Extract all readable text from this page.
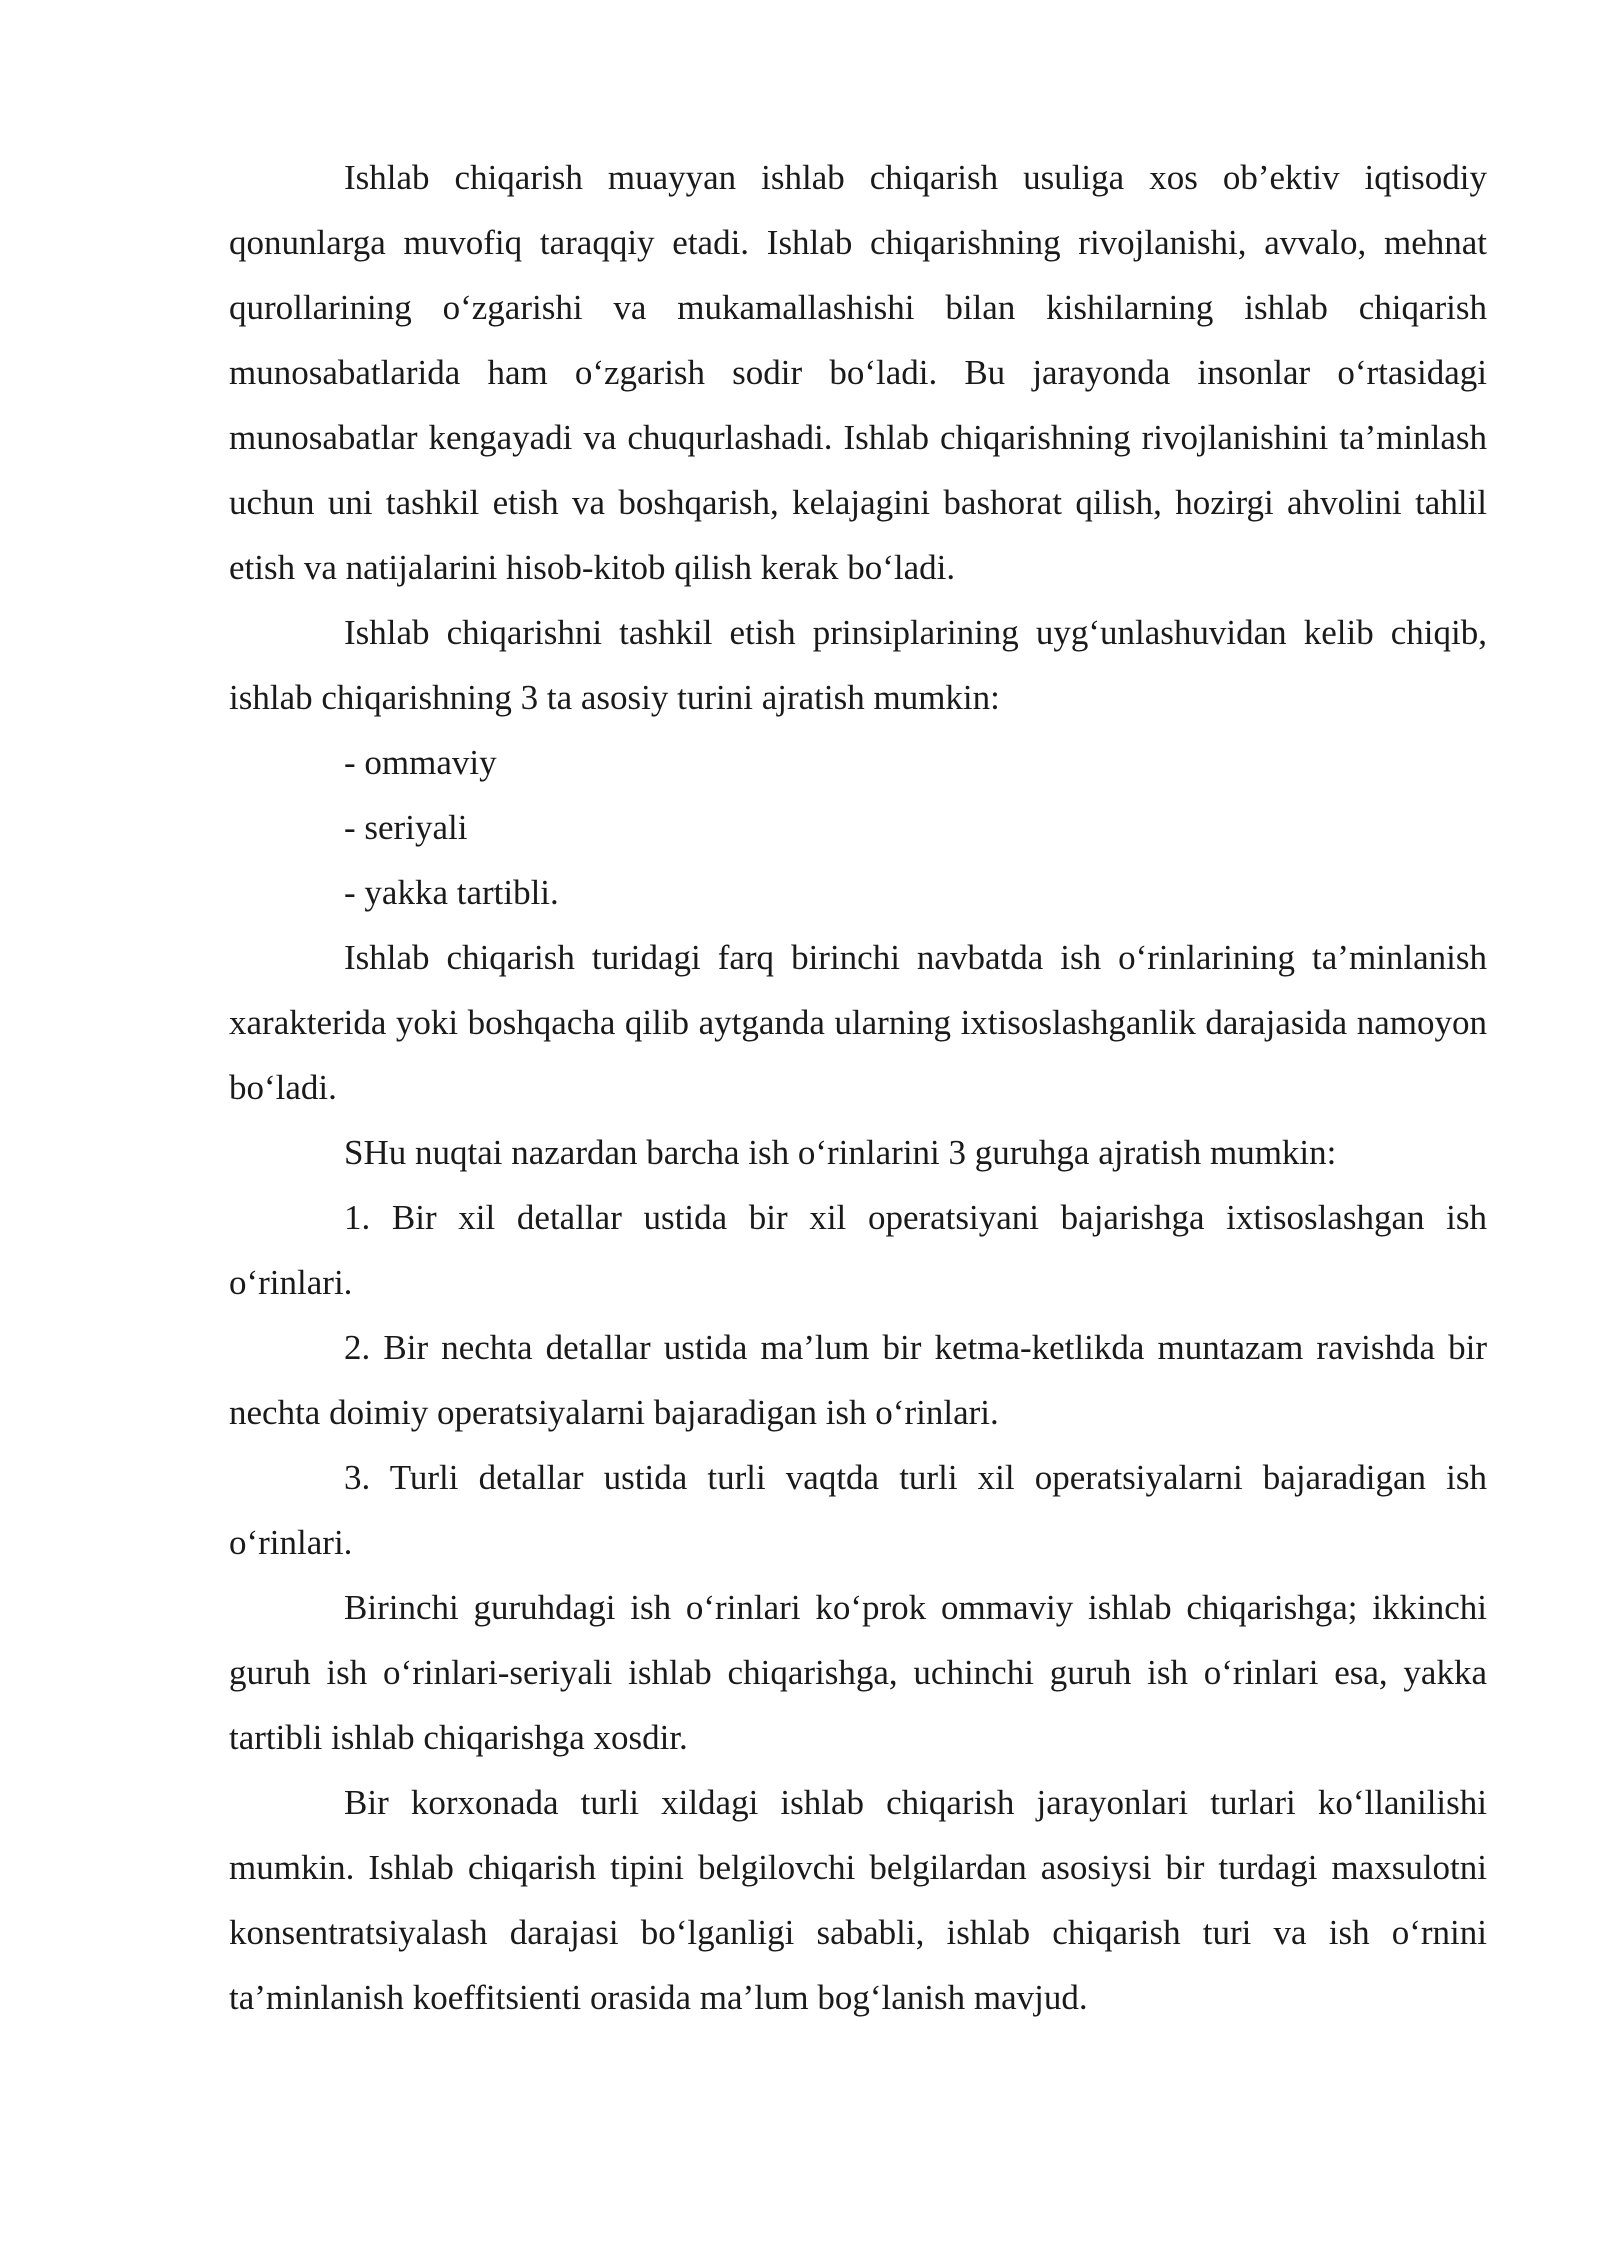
Ishlab chiqarish muayyan ishlab chiqarish usuliga xos ob’ektiv iqtisodiy qonunlarga muvofiq taraqqiy etadi. Ishlab chiqarishning rivojlanishi, avvalo, mehnat qurollarining o‘zgarishi va mukamallashishi bilan kishilarning ishlab chiqarish munosabatlarida ham o‘zgarish sodir bo‘ladi. Bu jarayonda insonlar o‘rtasidagi munosabatlar kengayadi va chuqurlashadi. Ishlab chiqarishning rivojlanishini ta’minlash uchun uni tashkil etish va boshqarish, kelajagini bashorat qilish, hozirgi ahvolini tahlil etish va natijalarini hisob-kitob qilish kerak bo‘ladi.

Ishlab chiqarishni tashkil etish prinsiplarining uyg‘unlashuvidan kelib chiqib, ishlab chiqarishning 3 ta asosiy turini ajratish mumkin:

- ommaviy

- seriyali

- yakka tartibli.

Ishlab chiqarish turidagi farq birinchi navbatda ish o‘rinlarining ta’minlanish xarakterida yoki boshqacha qilib aytganda ularning ixtisoslashganlik darajasida namoyon bo‘ladi.

SHu nuqtai nazardan barcha ish o‘rinlarini 3 guruhga ajratish mumkin:

1. Bir xil detallar ustida bir xil operatsiyani bajarishga ixtisoslashgan ish o‘rinlari.

2. Bir nechta detallar ustida ma’lum bir ketma-ketlikda muntazam ravishda bir nechta doimiy operatsiyalarni bajaradigan ish o‘rinlari.

3. Turli detallar ustida turli vaqtda turli xil operatsiyalarni bajaradigan ish o‘rinlari.

Birinchi guruhdagi ish o‘rinlari ko‘prok ommaviy ishlab chiqarishga; ikkinchi guruh ish o‘rinlari-seriyali ishlab chiqarishga, uchinchi guruh ish o‘rinlari esa, yakka tartibli ishlab chiqarishga xosdir.

Bir korxonada turli xildagi ishlab chiqarish jarayonlari turlari ko‘llanilishi mumkin. Ishlab chiqarish tipini belgilovchi belgilardan asosiysi bir turdagi maxsulotni konsentratsiyalash darajasi bo‘lganligi sababli, ishlab chiqarish turi va ish o‘rnini ta’minlanish koeffitsienti orasida ma’lum bog‘lanish mavjud.
